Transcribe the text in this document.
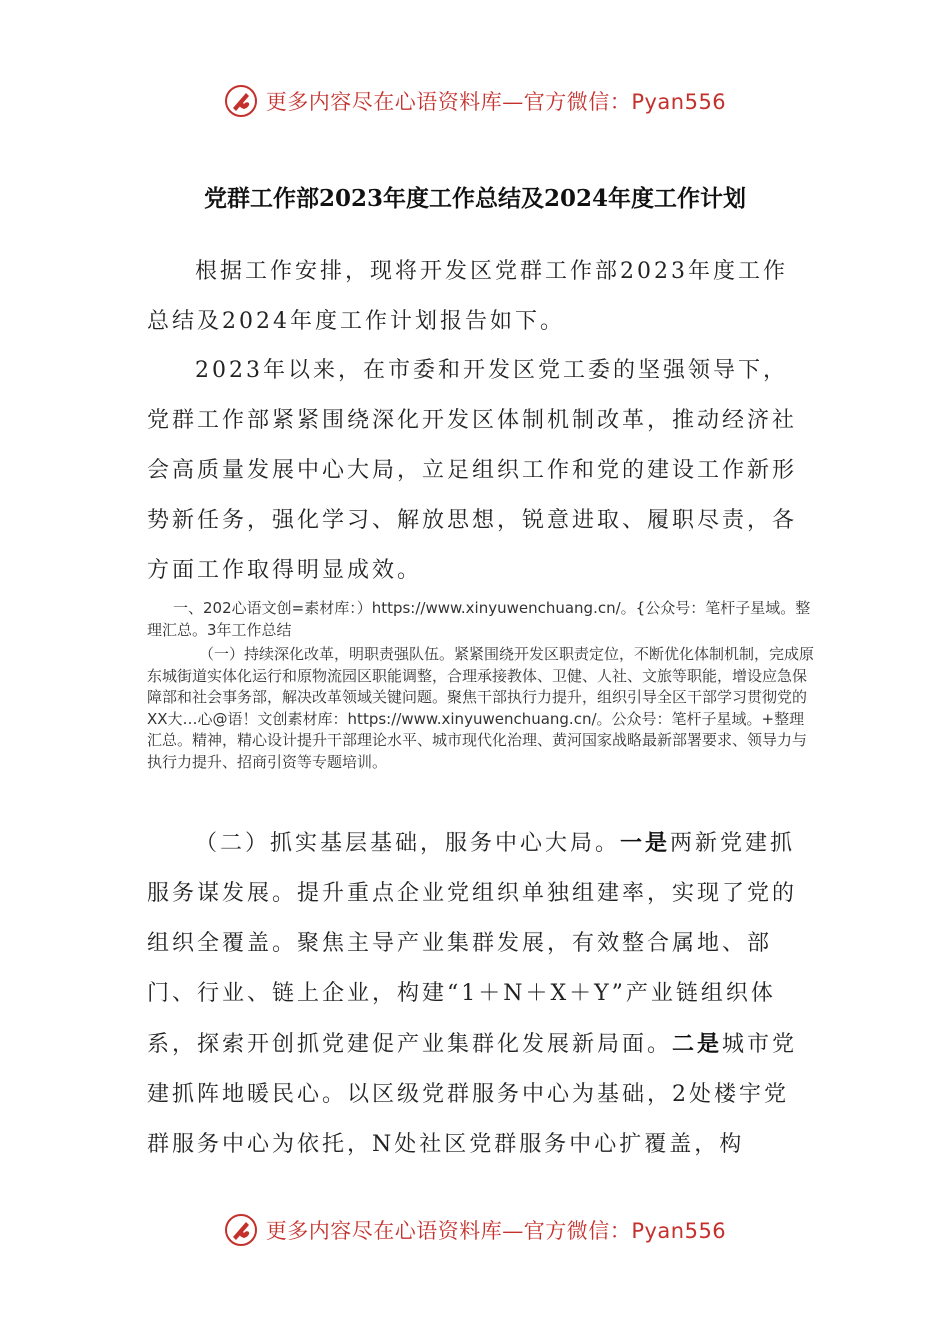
更多内容尽在心语资料库—官方微信：Pyan556
党群工作部2023年度工作总结及2024年度工作计划

根据工作安排，现将开发区党群工作部2023年度工作总结及2024年度工作计划报告如下。

2023年以来，在市委和开发区党工委的坚强领导下，党群工作部紧紧围绕深化开发区体制机制改革，推动经济社会高质量发展中心大局，立足组织工作和党的建设工作新形势新任务，强化学习、解放思想，锐意进取、履职尽责，各方面工作取得明显成效。

一、202心语文创=素材库：）https://www.xinyuwenchuang.cn/。{公众号：笔杆子星域。整理汇总。3年工作总结

（一）持续深化改革，明职责强队伍。紧紧围绕开发区职责定位，不断优化体制机制，完成原东城街道实体化运行和原物流园区职能调整，合理承接教体、卫健、人社、文旅等职能，增设应急保障部和社会事务部，解决改革领域关键问题。聚焦干部执行力提升，组织引导全区干部学习贯彻党的XX大…心@语！文创素材库：https://www.xinyuwenchuang.cn/。公众号：笔杆子星域。+整理汇总。精神，精心设计提升干部理论水平、城市现代化治理、黄河国家战略最新部署要求、领导力与执行力提升、招商引资等专题培训。

（二）抓实基层基础，服务中心大局。一是两新党建抓服务谋发展。提升重点企业党组织单独组建率，实现了党的组织全覆盖。聚焦主导产业集群发展，有效整合属地、部门、行业、链上企业，构建“1＋N＋X＋Y”产业链组织体系，探索开创抓党建促产业集群化发展新局面。二是城市党建抓阵地暖民心。以区级党群服务中心为基础，2处楼宇党群服务中心为依托，N处社区党群服务中心扩覆盖，构

更多内容尽在心语资料库—官方微信：Pyan556
